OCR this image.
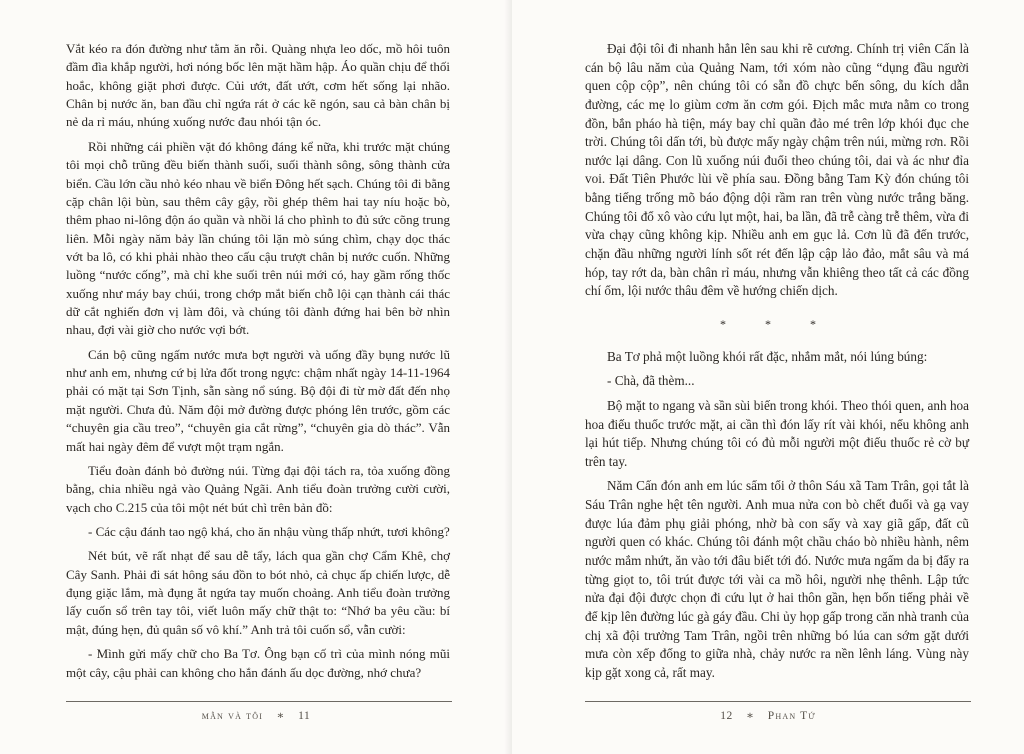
Vắt kéo ra đón đường như tằm ăn rỗi. Quàng nhựa leo dốc, mồ hôi tuôn đầm đìa khắp người, hơi nóng bốc lên mặt hầm hập. Áo quần chịu để thối hoắc, không giặt phơi được. Củi ướt, đất ướt, cơm hết sống lại nhão. Chân bị nước ăn, ban đầu chỉ ngứa rát ở các kẽ ngón, sau cả bàn chân bị nẻ da rỉ máu, nhúng xuống nước đau nhói tận óc.

Rồi những cái phiền vặt đó không đáng kể nữa, khi trước mặt chúng tôi mọi chỗ trũng đều biến thành suối, suối thành sông, sông thành cửa biển. Cầu lớn cầu nhỏ kéo nhau về biển Đông hết sạch. Chúng tôi đi bằng cặp chân lội bùn, sau thêm cây gậy, rồi ghép thêm hai tay níu hoặc bò, thêm phao ni-lông độn áo quần và nhồi lá cho phình to đủ sức cõng trung liên. Mỗi ngày năm bảy lần chúng tôi lặn mò súng chìm, chạy dọc thác vớt ba lô, có khi phải nhào theo cấu cậu trượt chân bị nước cuốn. Những luồng “nước cống”, mà chỉ khe suối trên núi mới có, hay gầm rống thốc xuống như máy bay chúi, trong chớp mắt biến chỗ lội cạn thành cái thác dữ cắt nghiến đơn vị làm đôi, và chúng tôi đành đứng hai bên bờ nhìn nhau, đợi vài giờ cho nước vợi bớt.

Cán bộ cũng ngấm nước mưa bợt người và uống đầy bụng nước lũ như anh em, nhưng cứ bị lửa đốt trong ngực: chậm nhất ngày 14-11-1964 phải có mặt tại Sơn Tịnh, sẵn sàng nổ súng. Bộ đội đi từ mờ đất đến nhọ mặt người. Chưa đủ. Năm đội mở đường được phóng lên trước, gồm các “chuyên gia cầu treo”, “chuyên gia cắt rừng”, “chuyên gia dò thác”. Vẫn mất hai ngày đêm để vượt một trạm ngắn.

Tiểu đoàn đánh bỏ đường núi. Từng đại đội tách ra, tỏa xuống đồng bằng, chia nhiều ngả vào Quảng Ngãi. Anh tiểu đoàn trưởng cười cười, vạch cho C.215 của tôi một nét bút chì trên bản đồ:

- Các cậu đánh tao ngộ khá, cho ăn nhậu vùng thấp nhứt, tươi không?

Nét bút, vẽ rất nhạt để sau dễ tẩy, lách qua gần chợ Cẩm Khê, chợ Cây Sanh. Phải đi sát hông sáu đồn to bót nhỏ, cả chục ấp chiến lược, dễ đụng giặc lắm, mà đụng ắt ngứa tay muốn choảng. Anh tiểu đoàn trưởng lấy cuốn sổ trên tay tôi, viết luôn mấy chữ thật to: “Nhớ ba yêu cầu: bí mật, đúng hẹn, đủ quân số vô khí.” Anh trả tôi cuốn sổ, vẫn cười:

- Mình gửi mấy chữ cho Ba Tơ. Ông bạn cố trì của mình nóng mũi một cây, cậu phải can không cho hắn đánh ấu dọc đường, nhớ chưa?

mẫn và tôi ∗ 11

Đại đội tôi đi nhanh hẳn lên sau khi rẽ cương. Chính trị viên Cấn là cán bộ lâu năm của Quảng Nam, tới xóm nào cũng “dụng đầu người quen cộp cộp”, nên chúng tôi có sẵn đồ chực bến sông, du kích dẫn đường, các mẹ lo giùm cơm ăn cơm gói. Địch mắc mưa nằm co trong đồn, bắn pháo hà tiện, máy bay chỉ quần đảo mé trên lớp khói đục che trời. Chúng tôi dấn tới, bù được mấy ngày chậm trên núi, mừng rơn. Rồi nước lại dâng. Con lũ xuống núi đuổi theo chúng tôi, dai và ác như đỉa voi. Đất Tiên Phước lùi về phía sau. Đồng bằng Tam Kỳ đón chúng tôi bằng tiếng trống mõ báo động dội rầm ran trên vùng nước trắng băng. Chúng tôi đổ xô vào cứu lụt một, hai, ba lần, đã trễ càng trễ thêm, vừa đi vừa chạy cũng không kịp. Nhiều anh em gục lả. Cơn lũ đã đến trước, chặn đầu những người lính sốt rét đến lập cập lảo đảo, mắt sâu và má hóp, tay rớt da, bàn chân rỉ máu, nhưng vẫn khiêng theo tất cả các đồng chí ốm, lội nước thâu đêm về hướng chiến dịch.

* * *

Ba Tơ phả một luồng khói rất đặc, nhắm mắt, nói lúng búng:

- Chà, đã thèm...

Bộ mặt to ngang và sần sùi biến trong khói. Theo thói quen, anh hoa hoa điếu thuốc trước mặt, ai cần thì đón lấy rít vài khói, nếu không anh lại hút tiếp. Nhưng chúng tôi có đủ mỗi người một điếu thuốc rẻ cờ bự trên tay.

Năm Cấn đón anh em lúc sẩm tối ở thôn Sáu xã Tam Trân, gọi tắt là Sáu Trân nghe hệt tên người. Anh mua nửa con bò chết đuối và gạ vay được lúa đảm phụ giải phóng, nhờ bà con sấy và xay giã gấp, đất cũ người quen có khác. Chúng tôi đánh một chầu cháo bò nhiều hành, nêm nước mắm nhứt, ăn vào tới đâu biết tới đó. Nước mưa ngấm da bị đẩy ra từng giọt to, tôi trút được tới vài ca mồ hôi, người nhẹ thênh. Lập tức nửa đại đội được chọn đi cứu lụt ở hai thôn gần, hẹn bốn tiếng phải về để kịp lên đường lúc gà gáy đầu. Chi ủy họp gấp trong căn nhà tranh của chị xã đội trưởng Tam Trân, ngồi trên những bó lúa can sớm gặt dưới mưa còn xếp đống to giữa nhà, chảy nước ra nền lênh láng. Vùng này kịp gặt xong cả, rất may.

12 ∗ Phan Tứ
